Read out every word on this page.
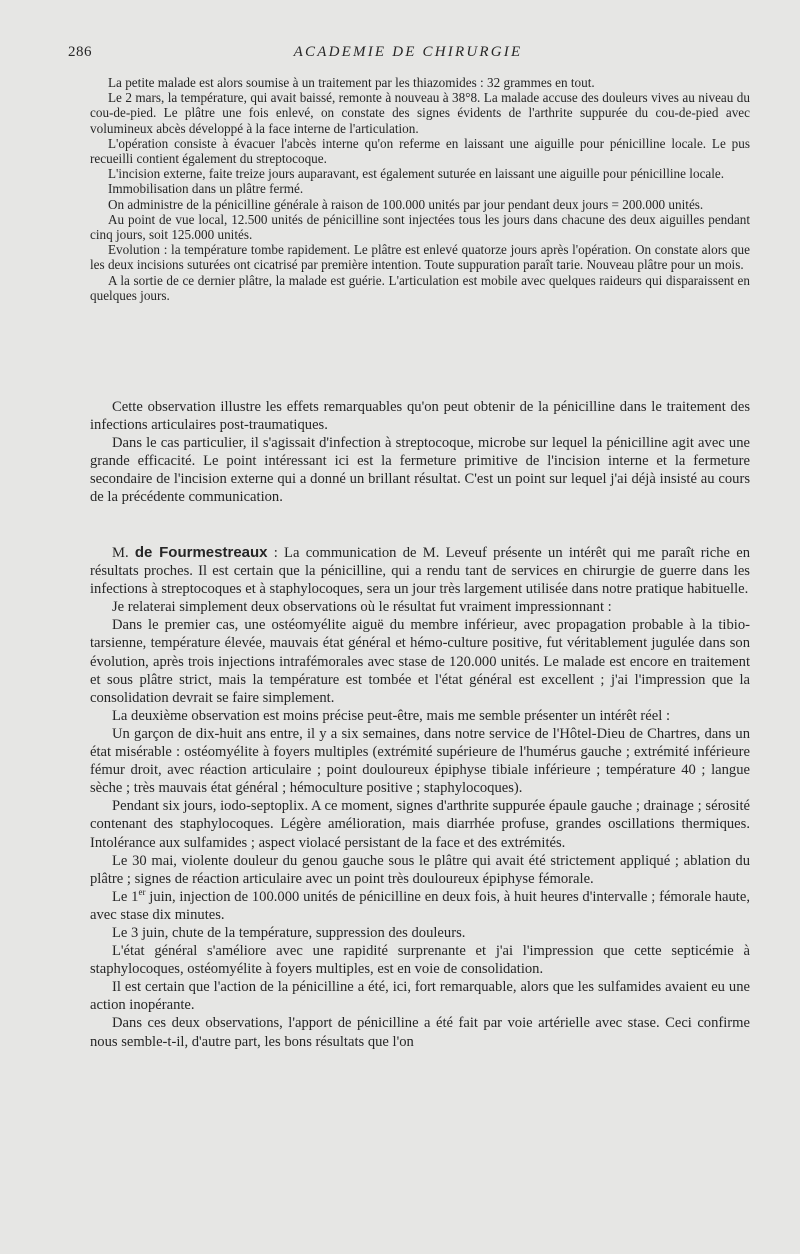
286	ACADEMIE DE CHIRURGIE

La petite malade est alors soumise à un traitement par les thiazomides : 32 grammes en tout.

Le 2 mars, la température, qui avait baissé, remonte à nouveau à 38°8. La malade accuse des douleurs vives au niveau du cou-de-pied. Le plâtre une fois enlevé, on constate des signes évidents de l'arthrite suppurée du cou-de-pied avec volumineux abcès développé à la face interne de l'articulation.

L'opération consiste à évacuer l'abcès interne qu'on referme en laissant une aiguille pour pénicilline locale. Le pus recueilli contient également du streptocoque.

L'incision externe, faite treize jours auparavant, est également suturée en laissant une aiguille pour pénicilline locale.

Immobilisation dans un plâtre fermé.

On administre de la pénicilline générale à raison de 100.000 unités par jour pendant deux jours = 200.000 unités.

Au point de vue local, 12.500 unités de pénicilline sont injectées tous les jours dans chacune des deux aiguilles pendant cinq jours, soit 125.000 unités.

Evolution : la température tombe rapidement. Le plâtre est enlevé quatorze jours après l'opération. On constate alors que les deux incisions suturées ont cicatrisé par première intention. Toute suppuration paraît tarie. Nouveau plâtre pour un mois.

A la sortie de ce dernier plâtre, la malade est guérie. L'articulation est mobile avec quelques raideurs qui disparaissent en quelques jours.

Cette observation illustre les effets remarquables qu'on peut obtenir de la pénicilline dans le traitement des infections articulaires post-traumatiques.

Dans le cas particulier, il s'agissait d'infection à streptocoque, microbe sur lequel la pénicilline agit avec une grande efficacité. Le point intéressant ici est la fermeture primitive de l'incision interne et la fermeture secondaire de l'incision externe qui a donné un brillant résultat. C'est un point sur lequel j'ai déjà insisté au cours de la précédente communication.

M. de Fourmestreaux : La communication de M. Leveuf présente un intérêt qui me paraît riche en résultats proches. Il est certain que la pénicilline, qui a rendu tant de services en chirurgie de guerre dans les infections à streptocoques et à staphylocoques, sera un jour très largement utilisée dans notre pratique habituelle.

Je relaterai simplement deux observations où le résultat fut vraiment impressionnant :

Dans le premier cas, une ostéomyélite aiguë du membre inférieur, avec propagation probable à la tibio-tarsienne, température élevée, mauvais état général et hémo-culture positive, fut véritablement jugulée dans son évolution, après trois injections intrafémorales avec stase de 120.000 unités. Le malade est encore en traitement et sous plâtre strict, mais la température est tombée et l'état général est excellent ; j'ai l'impression que la consolidation devrait se faire simplement.

La deuxième observation est moins précise peut-être, mais me semble présenter un intérêt réel :

Un garçon de dix-huit ans entre, il y a six semaines, dans notre service de l'Hôtel-Dieu de Chartres, dans un état misérable : ostéomyélite à foyers multiples (extrémité supérieure de l'humérus gauche ; extrémité inférieure fémur droit, avec réaction articulaire ; point douloureux épiphyse tibiale inférieure ; température 40 ; langue sèche ; très mauvais état général ; hémoculture positive ; staphylocoques).

Pendant six jours, iodo-septoplix. A ce moment, signes d'arthrite suppurée épaule gauche ; drainage ; sérosité contenant des staphylocoques. Légère amélioration, mais diarrhée profuse, grandes oscillations thermiques. Intolérance aux sulfamides ; aspect violacé persistant de la face et des extrémités.

Le 30 mai, violente douleur du genou gauche sous le plâtre qui avait été strictement appliqué ; ablation du plâtre ; signes de réaction articulaire avec un point très douloureux épiphyse fémorale.

Le 1er juin, injection de 100.000 unités de pénicilline en deux fois, à huit heures d'intervalle ; fémorale haute, avec stase dix minutes.

Le 3 juin, chute de la température, suppression des douleurs.

L'état général s'améliore avec une rapidité surprenante et j'ai l'impression que cette septicémie à staphylocoques, ostéomyélite à foyers multiples, est en voie de consolidation.

Il est certain que l'action de la pénicilline a été, ici, fort remarquable, alors que les sulfamides avaient eu une action inopérante.

Dans ces deux observations, l'apport de pénicilline a été fait par voie artérielle avec stase. Ceci confirme nous semble-t-il, d'autre part, les bons résultats que l'on
